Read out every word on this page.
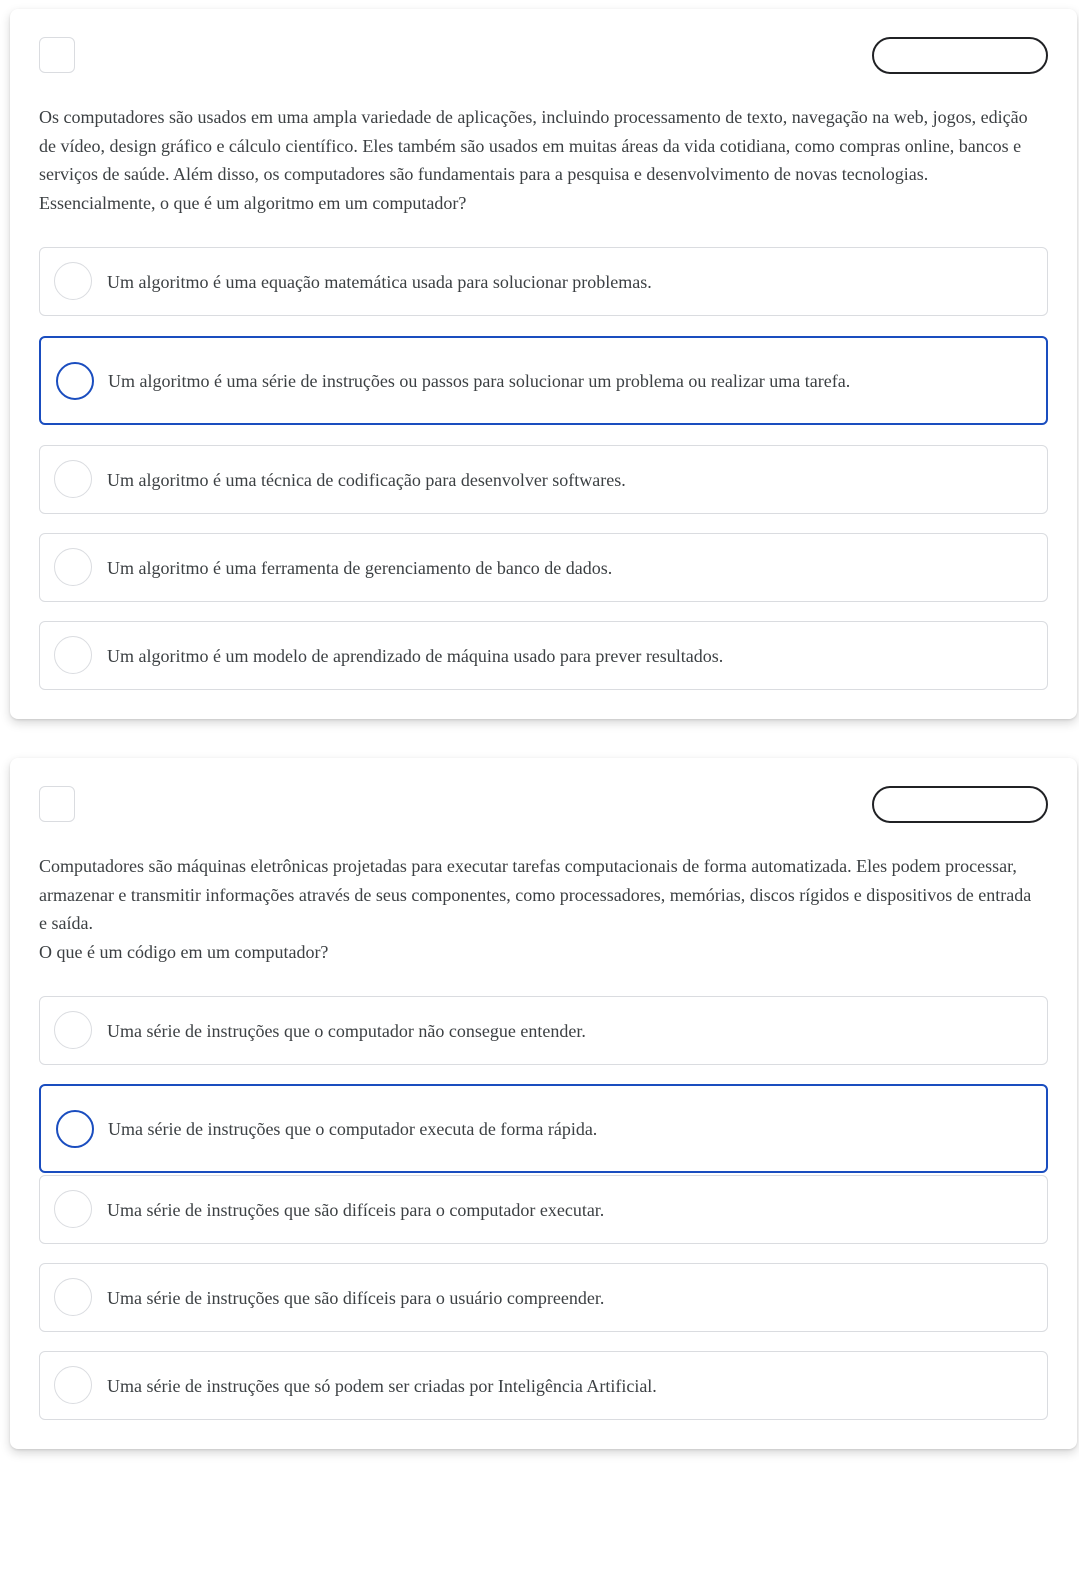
Os computadores são usados em uma ampla variedade de aplicações, incluindo processamento de texto, navegação na web, jogos, edição de vídeo, design gráfico e cálculo científico. Eles também são usados em muitas áreas da vida cotidiana, como compras online, bancos e serviços de saúde. Além disso, os computadores são fundamentais para a pesquisa e desenvolvimento de novas tecnologias. Essencialmente, o que é um algoritmo em um computador?

Um algoritmo é uma equação matemática usada para solucionar problemas.
Um algoritmo é uma série de instruções ou passos para solucionar um problema ou realizar uma tarefa.
Um algoritmo é uma técnica de codificação para desenvolver softwares.
Um algoritmo é uma ferramenta de gerenciamento de banco de dados.
Um algoritmo é um modelo de aprendizado de máquina usado para prever resultados.

Computadores são máquinas eletrônicas projetadas para executar tarefas computacionais de forma automatizada. Eles podem processar, armazenar e transmitir informações através de seus componentes, como processadores, memórias, discos rígidos e dispositivos de entrada e saída.
O que é um código em um computador?

Uma série de instruções que o computador não consegue entender.
Uma série de instruções que o computador executa de forma rápida.
Uma série de instruções que são difíceis para o computador executar.
Uma série de instruções que são difíceis para o usuário compreender.
Uma série de instruções que só podem ser criadas por Inteligência Artificial.
